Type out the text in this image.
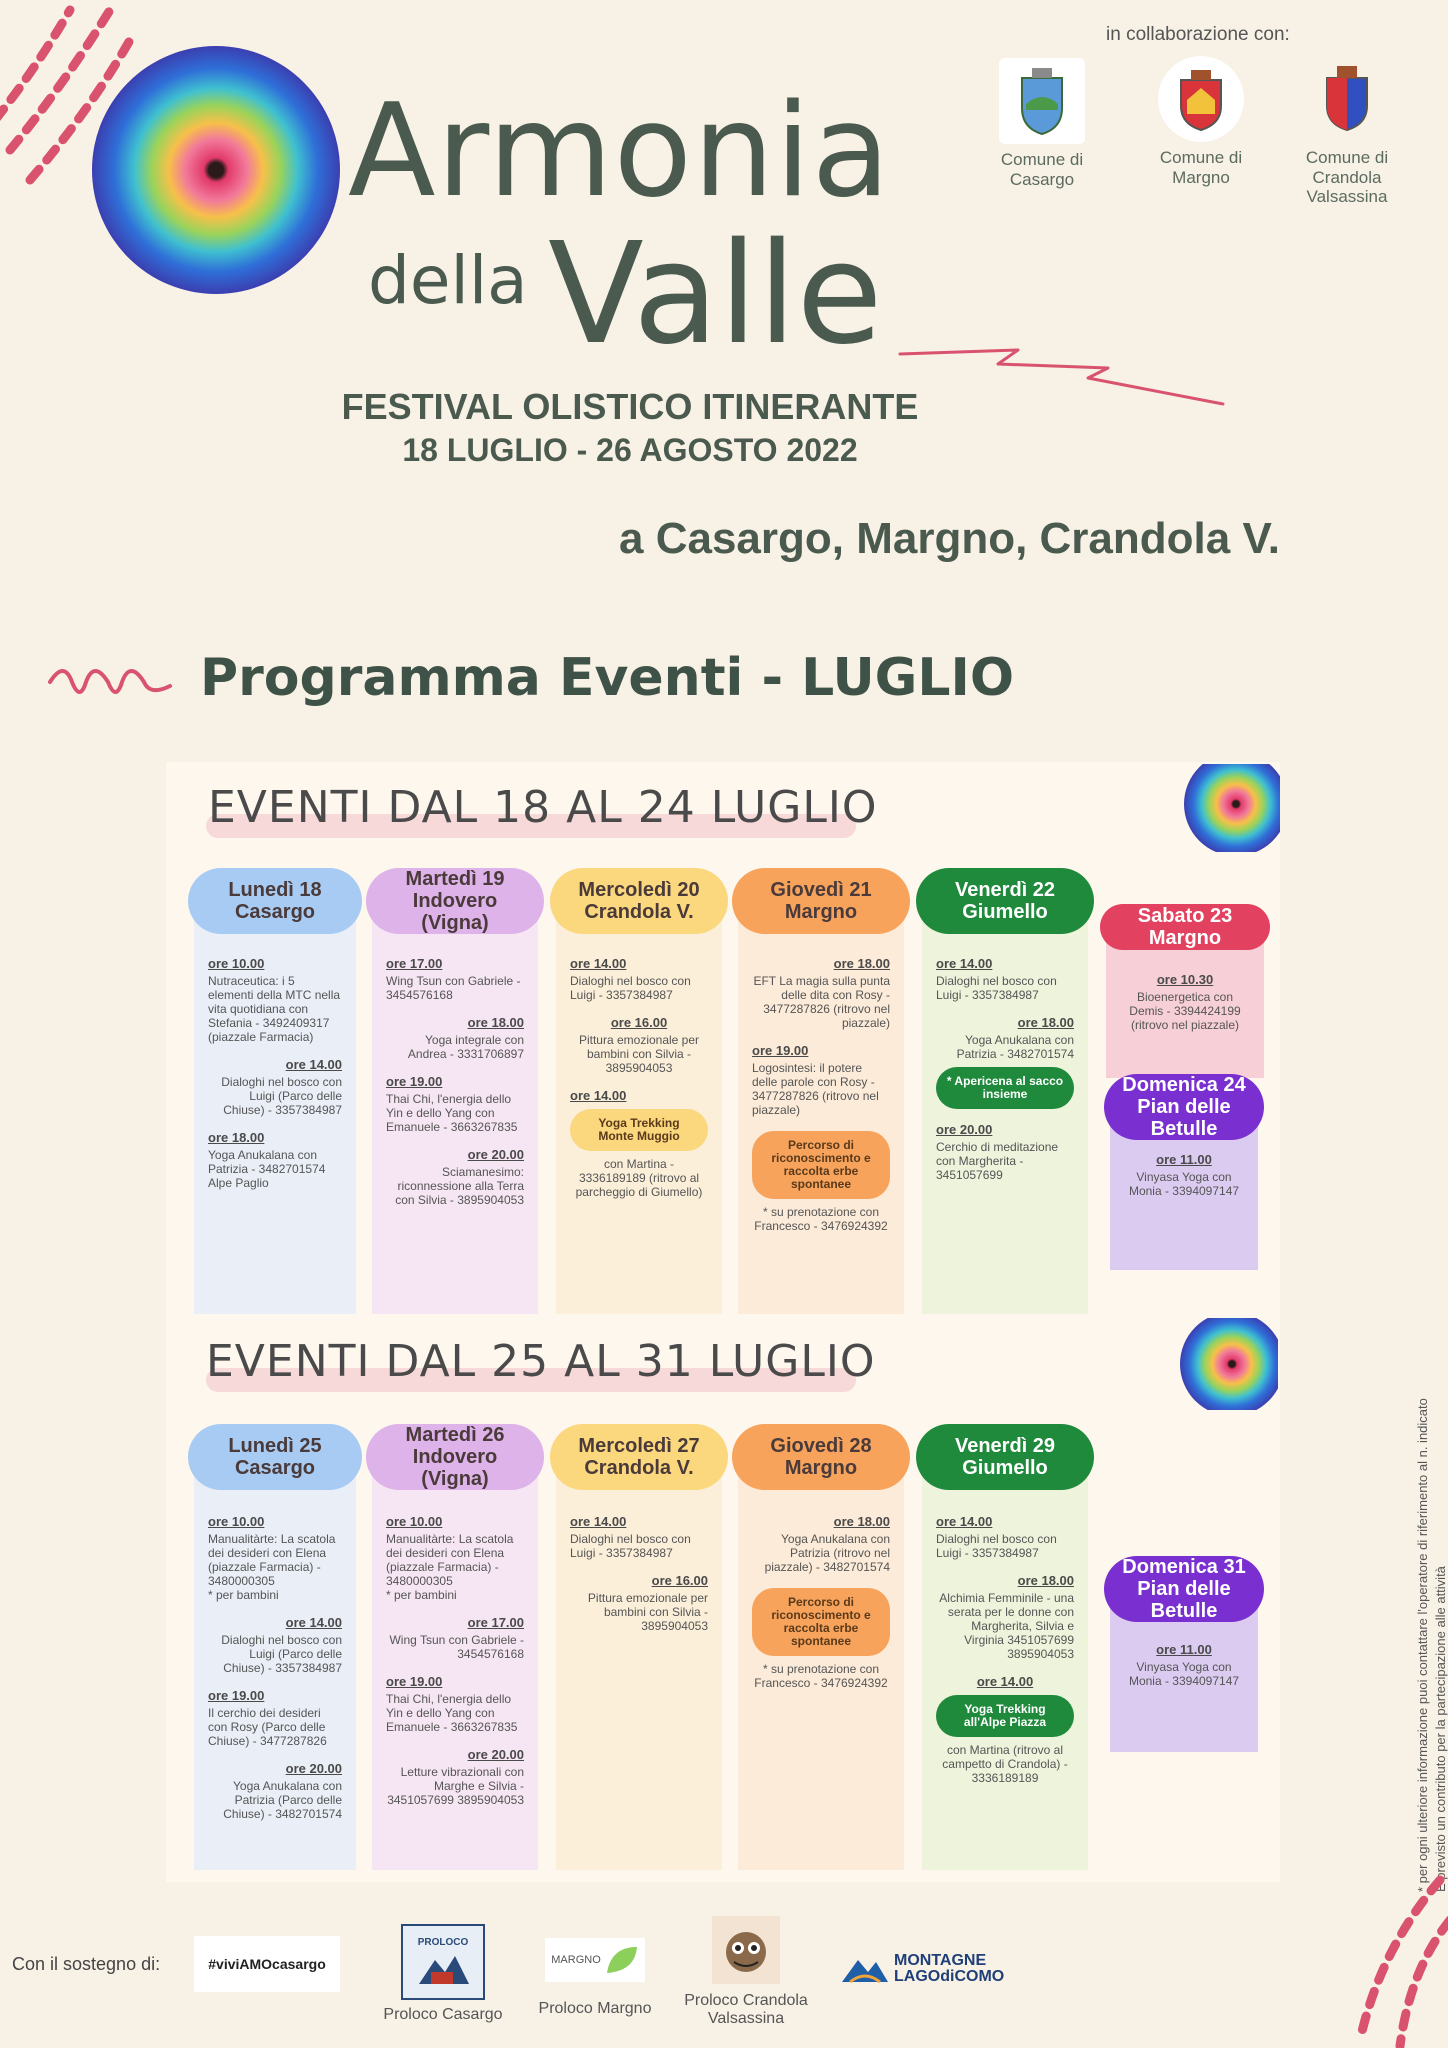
Armonia
della Valle
FESTIVAL OLISTICO ITINERANTE
18 LUGLIO - 26 AGOSTO 2022
a Casargo, Margno, Crandola V.
in collaborazione con:
Comune di
Casargo
Comune di
Margno
Comune di
Crandola
Valsassina
Programma Eventi - LUGLIO
EVENTI DAL 18 AL 24 LUGLIO
EVENTI DAL 25 AL 31 LUGLIO
ore 10.00
Nutraceutica: i 5 elementi della MTC nella vita quotidiana con Stefania - 3492409317 (piazzale Farmacia)
ore 14.00
Dialoghi nel bosco con Luigi (Parco delle Chiuse) - 3357384987
ore 18.00
Yoga Anukalana con Patrizia - 3482701574 Alpe Paglio
Lunedì 18
Casargo
ore 17.00
Wing Tsun con Gabriele - 3454576168
ore 18.00
Yoga integrale con Andrea - 3331706897
ore 19.00
Thai Chi, l'energia dello Yin e dello Yang con Emanuele - 3663267835
ore 20.00
Sciamanesimo: riconnessione alla Terra con Silvia - 3895904053
Martedì 19
Indovero
(Vigna)
ore 14.00
Dialoghi nel bosco con Luigi - 3357384987
ore 16.00
Pittura emozionale per bambini con Silvia - 3895904053
ore 14.00
Yoga Trekking
Monte Muggio
con Martina - 3336189189 (ritrovo al parcheggio di Giumello)
Mercoledì 20
Crandola V.
ore 18.00
EFT La magia sulla punta delle dita con Rosy - 3477287826 (ritrovo nel piazzale)
ore 19.00
Logosintesi: il potere delle parole con Rosy - 3477287826 (ritrovo nel piazzale)
Percorso di
riconoscimento e
raccolta erbe
spontanee
* su prenotazione con Francesco - 3476924392
Giovedì 21
Margno
ore 14.00
Dialoghi nel bosco con Luigi - 3357384987
ore 18.00
Yoga Anukalana con Patrizia - 3482701574
* Apericena al sacco
insieme
ore 20.00
Cerchio di meditazione con Margherita - 3451057699
Venerdì 22
Giumello
ore 10.30
Bioenergetica con Demis - 3394424199 (ritrovo nel piazzale)
Sabato 23
Margno
ore 11.00
Vinyasa Yoga con Monia - 3394097147
Domenica 24
Pian delle
Betulle
ore 10.00
Manualitàrte: La scatola dei desideri con Elena (piazzale Farmacia) - 3480000305
* per bambini
ore 14.00
Dialoghi nel bosco con Luigi (Parco delle Chiuse) - 3357384987
ore 19.00
Il cerchio dei desideri con Rosy (Parco delle Chiuse) - 3477287826
ore 20.00
Yoga Anukalana con Patrizia (Parco delle Chiuse) - 3482701574
Lunedì 25
Casargo
ore 10.00
Manualitàrte: La scatola dei desideri con Elena (piazzale Farmacia) - 3480000305
* per bambini
ore 17.00
Wing Tsun con Gabriele - 3454576168
ore 19.00
Thai Chi, l'energia dello Yin e dello Yang con Emanuele - 3663267835
ore 20.00
Letture vibrazionali con Marghe e Silvia - 3451057699 3895904053
Martedì 26
Indovero
(Vigna)
ore 14.00
Dialoghi nel bosco con Luigi - 3357384987
ore 16.00
Pittura emozionale per bambini con Silvia - 3895904053
Mercoledì 27
Crandola V.
ore 18.00
Yoga Anukalana con Patrizia (ritrovo nel piazzale) - 3482701574
Percorso di
riconoscimento e
raccolta erbe
spontanee
* su prenotazione con Francesco - 3476924392
Giovedì 28
Margno
ore 14.00
Dialoghi nel bosco con Luigi - 3357384987
ore 18.00
Alchimia Femminile - una serata per le donne con Margherita, Silvia e Virginia 3451057699 3895904053
ore 14.00
Yoga Trekking
all'Alpe Piazza
con Martina (ritrovo al campetto di Crandola) - 3336189189
Venerdì 29
Giumello
ore 11.00
Vinyasa Yoga con Monia - 3394097147
Domenica 31
Pian delle
Betulle
* per ogni ulteriore informazione puoi contattare l'operatore di riferimento al n. indicato
È previsto un contributo per la partecipazione alle attività
Con il sostegno di:	#viviAMOcasargo
PROLOCO
Proloco Casargo
MARGNO
Proloco Margno	Proloco Crandola
Valsassina
MONTAGNE
LAGOdiCOMO
